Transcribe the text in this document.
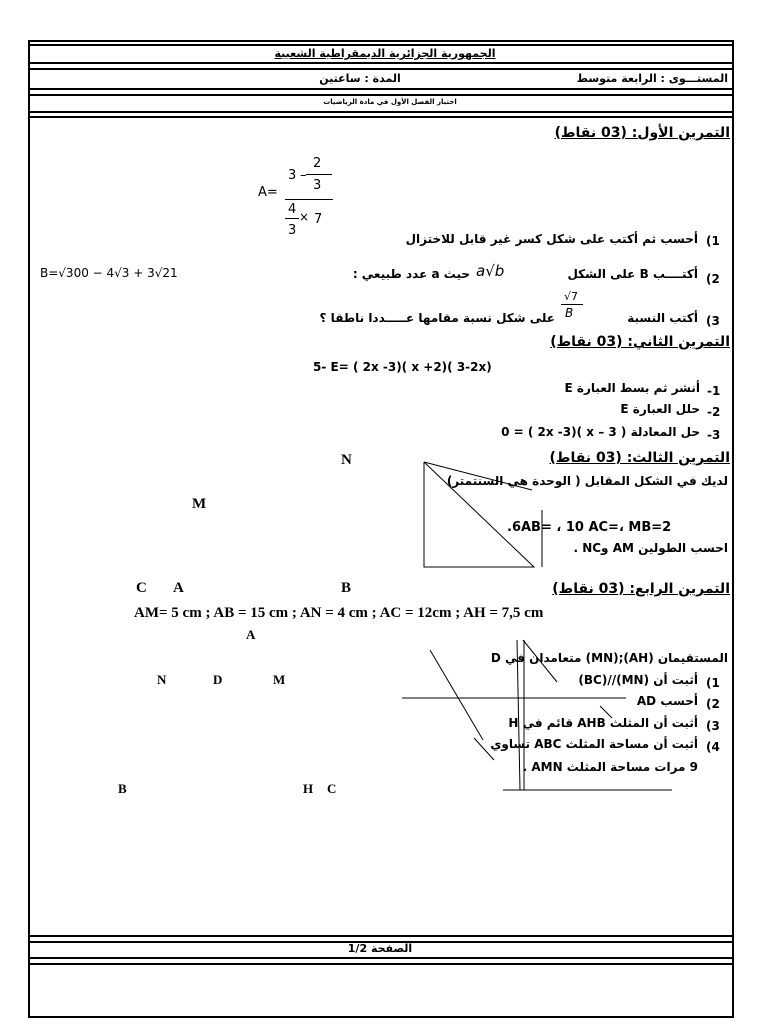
الجمهورية الجزائرية الديمقراطية الشعبية
المستـــوى : الرابعة متوسط
المدة : ساعتين
اختبار الفصل الأول في مادة الرياضيات
التمرين الأول: (03 نقاط)
A=
3 –
2
3
4 × 7
3
(1
أحسب ثم أكتب على شكل كسر غير قابل للاختزال
(2
أكتــــب B على الشكل
a√b
حيث a عدد طبيعي :
B=√300 − 4√3 + 3√21
(3
أكتب النسبة
√7
B
على شكل نسبة مقامها عـــــددا ناطقا ؟
التمرين الثاني: (03 نقاط)
5- E= ( 2x -3)( x +2)( 3-2x)
-1
أنشر ثم بسط العبارة E
-2
حلل العبارة E
-3
حل المعادلة ( x – 3 )(2x -3 ) = 0
التمرين الثالث: (03 نقاط)
لديك في الشكل المقابل ( الوحدة هي السنتمتر)
.6AB= ، 10 AC=، MB=2
احسب الطولين AM وNC .
N
M
C A	B	التمرين الرابع: (03 نقاط)
AM= 5 cm ; AB = 15 cm ; AN = 4 cm ; AC = 12cm ; AH = 7,5 cm
A
المستقيمان (AH);(MN) متعامدان في D
(1
أثبت أن (MN)//(BC)
(2
أحسب AD
(3
أثبت أن المثلث AHB قائم في H
(4
أثبت أن مساحة المثلث ABC تساوي
9 مرات مساحة المثلث AMN .
N	D	M
B	H C
الصفحة 1/2
